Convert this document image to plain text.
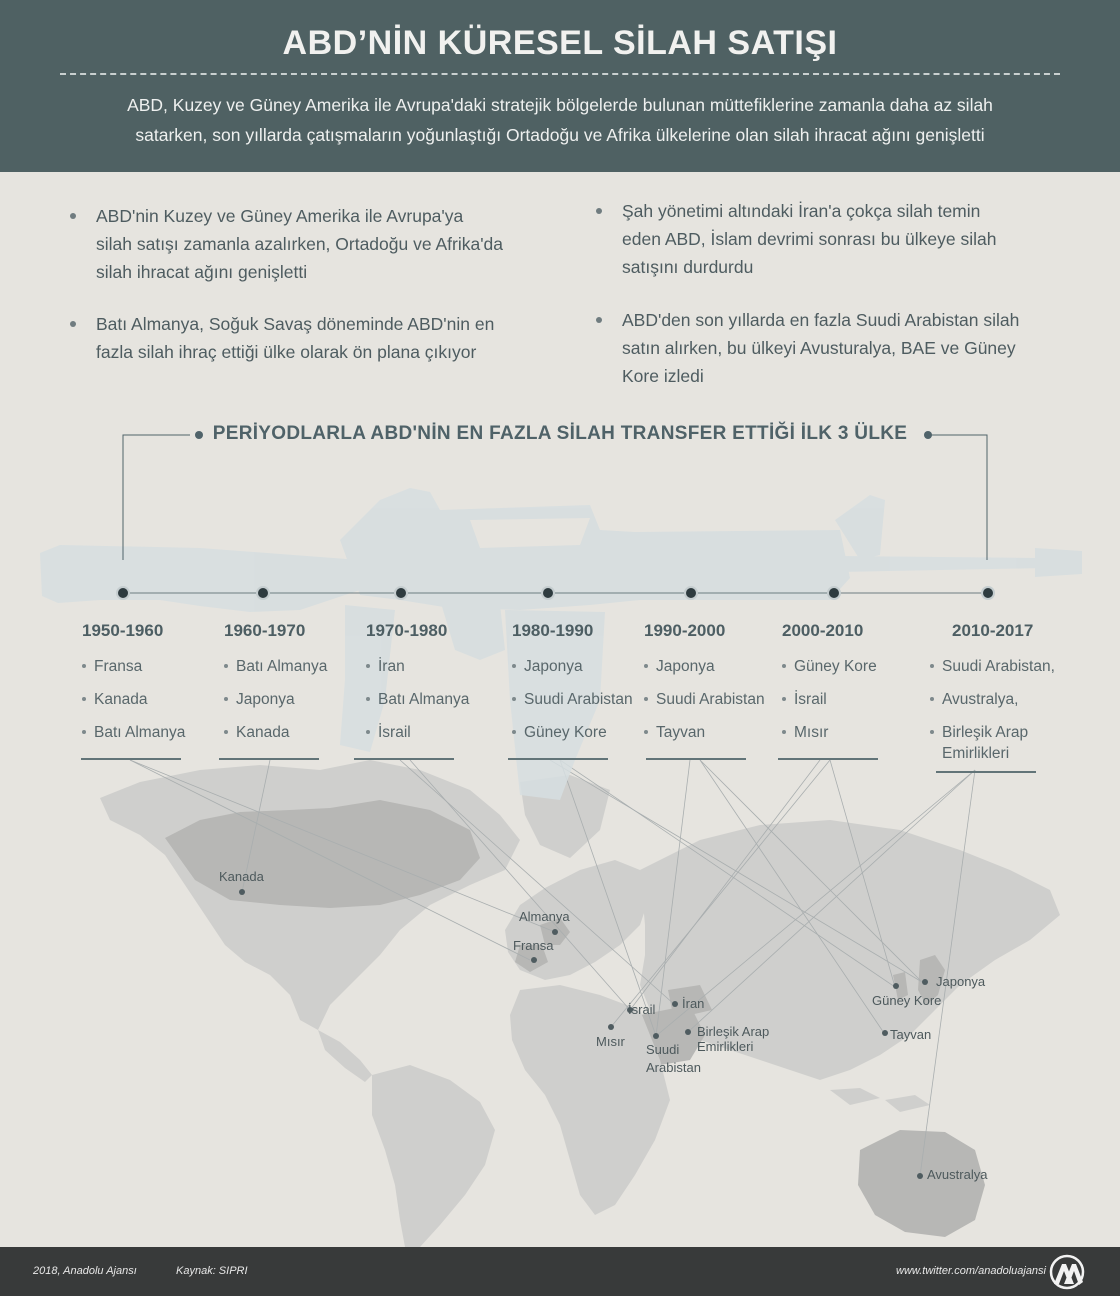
ABD’NİN KÜRESEL SİLAH SATIŞI
ABD, Kuzey ve Güney Amerika ile Avrupa'daki stratejik bölgelerde bulunan müttefiklerine zamanla daha az silah
satarken, son yıllarda çatışmaların yoğunlaştığı Ortadoğu ve Afrika ülkelerine olan silah ihracat ağını genişletti
ABD'nin Kuzey ve Güney Amerika ile Avrupa'ya
silah satışı zamanla azalırken, Ortadoğu ve Afrika'da
silah ihracat ağını genişletti
Batı Almanya, Soğuk Savaş döneminde ABD'nin en
fazla silah ihraç ettiği ülke olarak ön plana çıkıyor
Şah yönetimi altındaki İran'a çokça silah temin
eden ABD, İslam devrimi sonrası bu ülkeye silah
satışını durdurdu
ABD'den son yıllarda en fazla Suudi Arabistan silah
satın alırken, bu ülkeyi Avusturalya, BAE ve Güney
Kore izledi
PERİYODLARLA ABD'NİN EN FAZLA SİLAH TRANSFER ETTİĞİ İLK 3 ÜLKE
1950-1960
Fransa
Kanada
Batı Almanya
1960-1970
Batı Almanya
Japonya
Kanada
1970-1980
İran
Batı Almanya
İsrail
1980-1990
Japonya
Suudi Arabistan
Güney Kore
1990-2000
Japonya
Suudi Arabistan
Tayvan
2000-2010
Güney Kore
İsrail
Mısır
2010-2017
Suudi Arabistan,
Avustralya,
Birleşik Arap
Emirlikleri
Kanada
Almanya
Fransa
İsrail İran
Mısır
Suudi
Arabistan
Birleşik Arap
Emirlikleri
Güney Kore
Japonya
Tayvan
Avustralya
2018, Anadolu Ajansı	Kaynak: SIPRI	www.twitter.com/anadoluajansi
